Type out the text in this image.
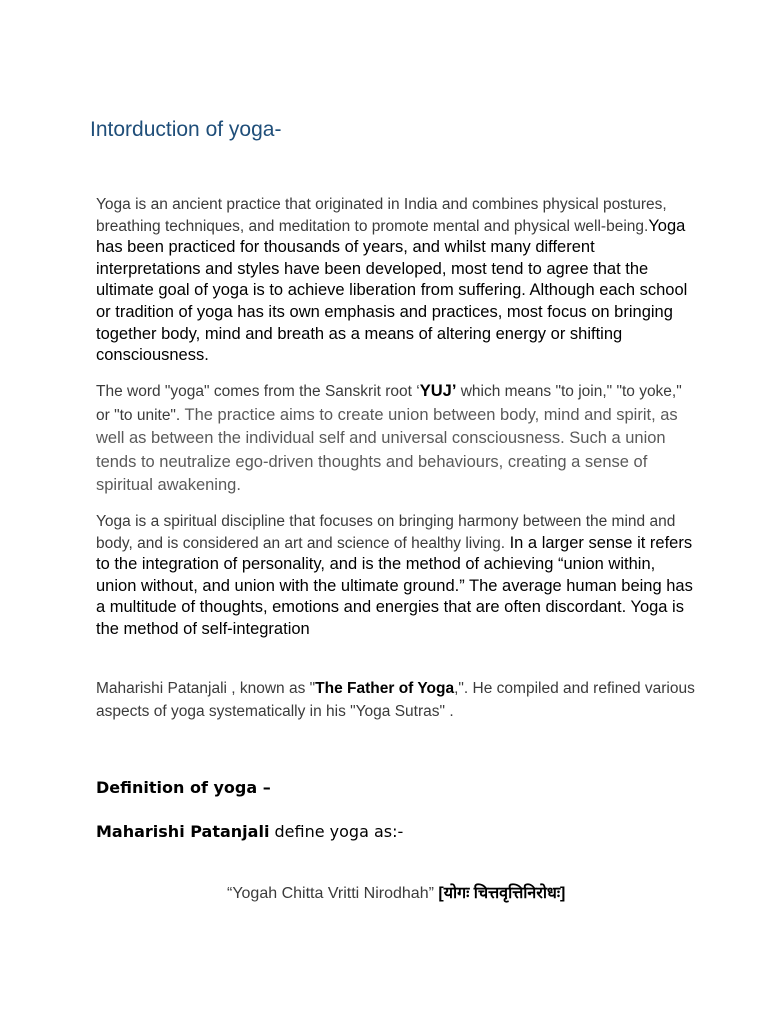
Intorduction of yoga-

Yoga is an ancient practice that originated in India and combines physical postures, breathing techniques, and meditation to promote mental and physical well-being.Yoga has been practiced for thousands of years, and whilst many different interpretations and styles have been developed, most tend to agree that the ultimate goal of yoga is to achieve liberation from suffering. Although each school or tradition of yoga has its own emphasis and practices, most focus on bringing together body, mind and breath as a means of altering energy or shifting consciousness.

The word "yoga" comes from the Sanskrit root ‘YUJ’ which means "to join," "to yoke," or "to unite". The practice aims to create union between body, mind and spirit, as well as between the individual self and universal consciousness. Such a union tends to neutralize ego-driven thoughts and behaviours, creating a sense of spiritual awakening.

Yoga is a spiritual discipline that focuses on bringing harmony between the mind and body, and is considered an art and science of healthy living. In a larger sense it refers to the integration of personality, and is the method of achieving “union within, union without, and union with the ultimate ground.” The average human being has a multitude of thoughts, emotions and energies that are often discordant. Yoga is the method of self-integration

Maharishi Patanjali , known as "The Father of Yoga,". He compiled and refined various aspects of yoga systematically in his "Yoga Sutras" .

Definition of yoga –

Maharishi Patanjali define yoga as:-

“Yogah Chitta Vritti Nirodhah” [योगः चित्तवृत्तिनिरोधः]
